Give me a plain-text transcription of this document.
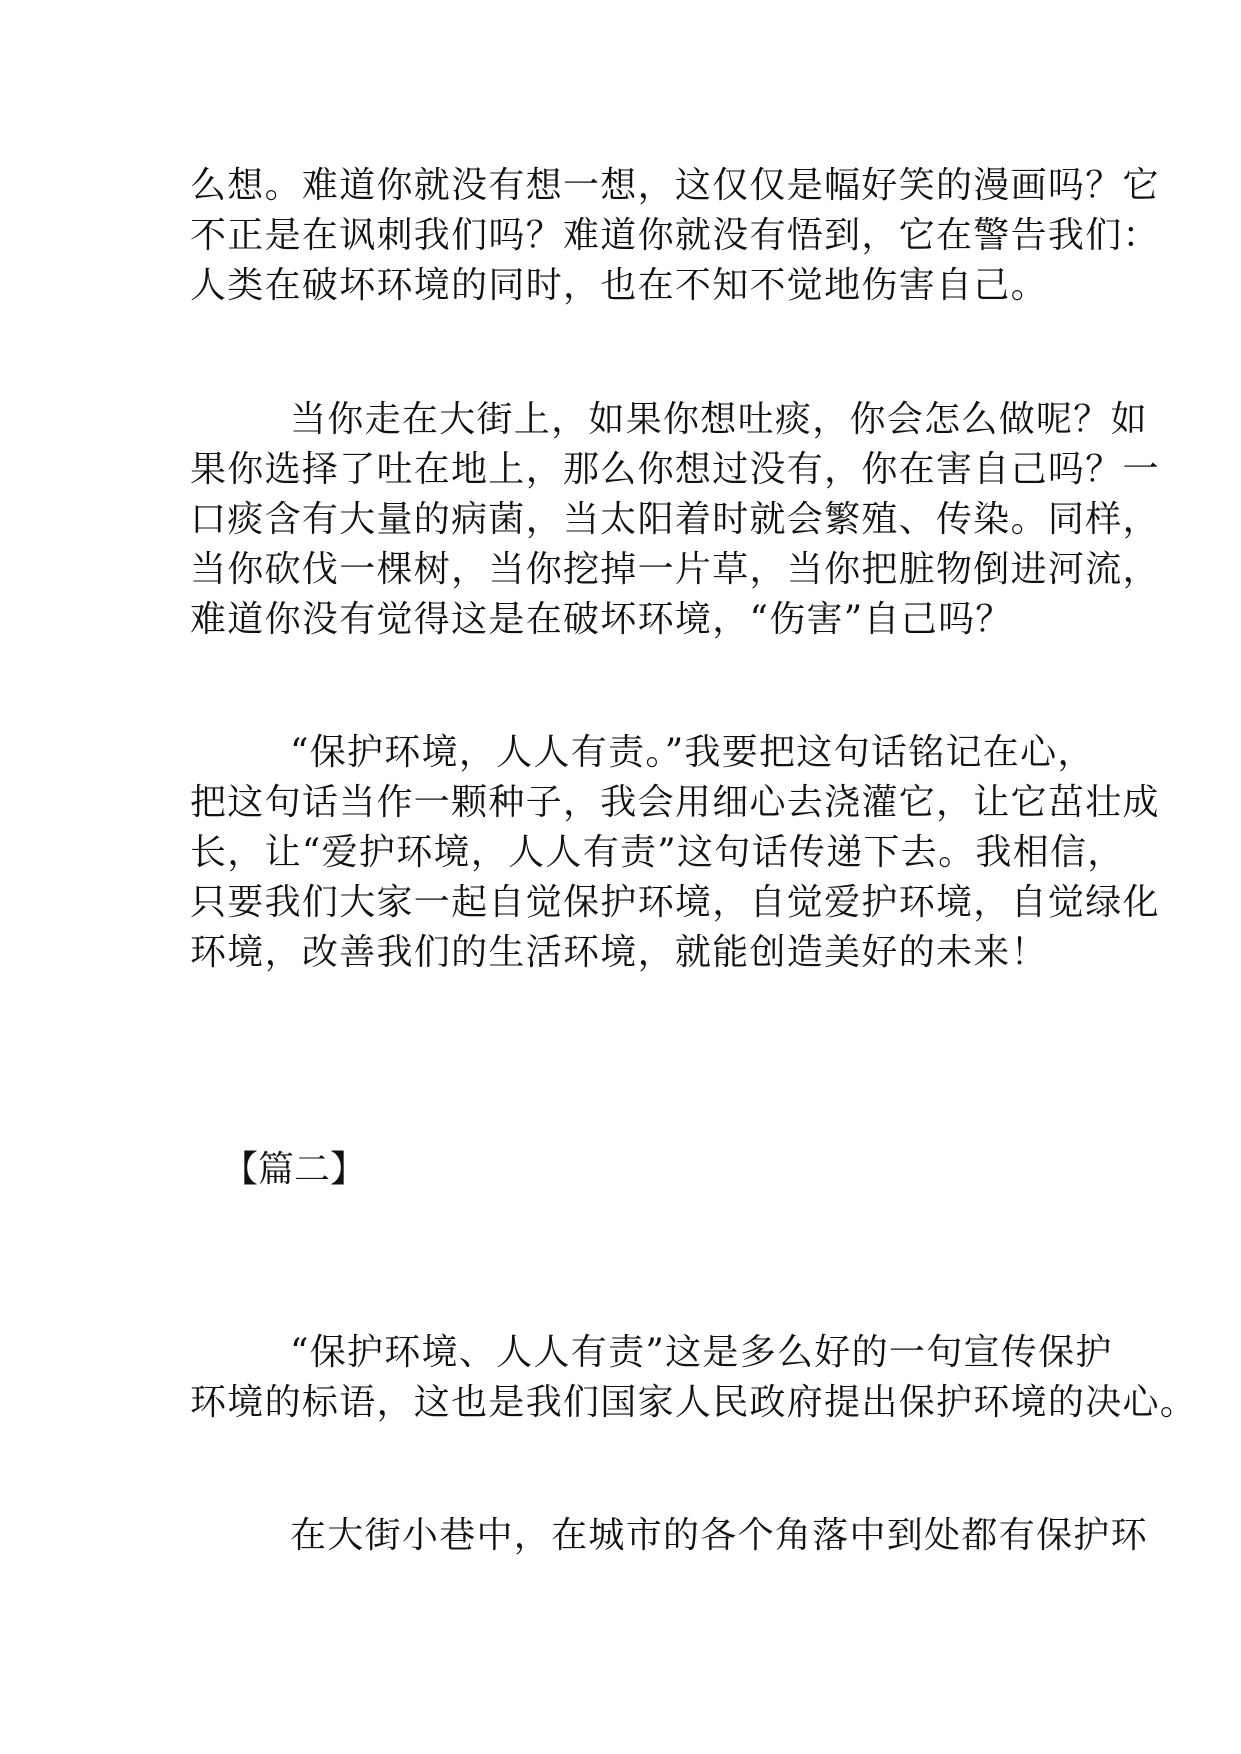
么想。难道你就没有想一想，这仅仅是幅好笑的漫画吗？它
不正是在讽刺我们吗？难道你就没有悟到，它在警告我们：
人类在破坏环境的同时，也在不知不觉地伤害自己。
当你走在大街上，如果你想吐痰，你会怎么做呢？如
果你选择了吐在地上，那么你想过没有，你在害自己吗？一
口痰含有大量的病菌，当太阳着时就会繁殖、传染。同样，
当你砍伐一棵树，当你挖掉一片草，当你把脏物倒进河流，
难道你没有觉得这是在破坏环境，“伤害”自己吗？
“保护环境，人人有责。”我要把这句话铭记在心，
把这句话当作一颗种子，我会用细心去浇灌它，让它茁壮成
长，让“爱护环境，人人有责”这句话传递下去。我相信，
只要我们大家一起自觉保护环境，自觉爱护环境，自觉绿化
环境，改善我们的生活环境，就能创造美好的未来！
【篇二】
“保护环境、人人有责”这是多么好的一句宣传保护
环境的标语，这也是我们国家人民政府提出保护环境的决心。
在大街小巷中，在城市的各个角落中到处都有保护环
